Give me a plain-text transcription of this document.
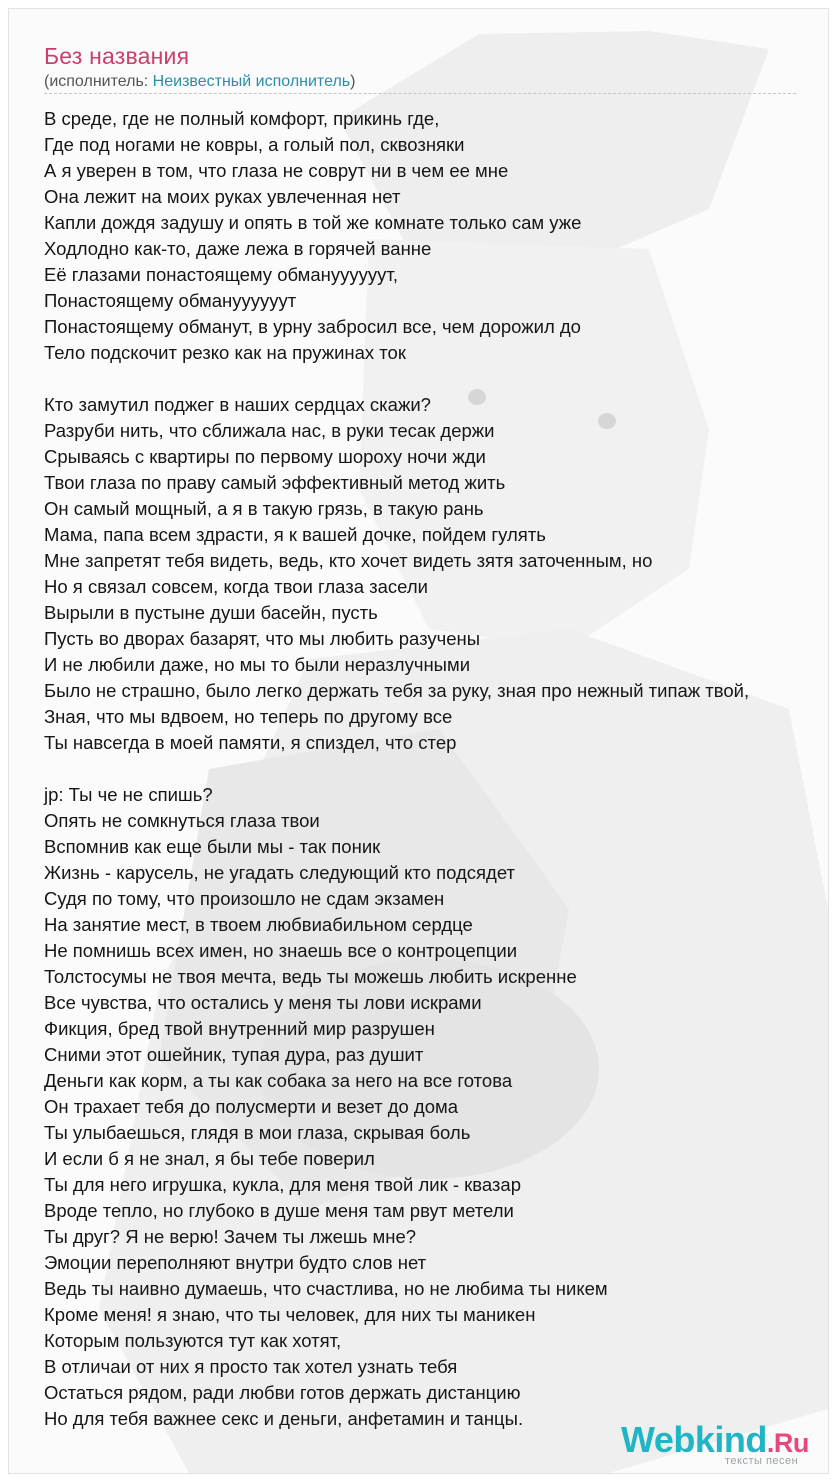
Без названия
(исполнитель: Неизвестный исполнитель)
В среде, где не полный комфорт, прикинь где,
Где под ногами не ковры, а голый пол, сквозняки
А я уверен в том, что глаза не соврут ни в чем ее мне
Она лежит на моих руках увлеченная нет
Капли дождя задушу и опять в той же комнате только сам уже
Ходлодно как-то, даже лежа в горячей ванне
Её глазами понастоящему обмануууууут,
Понастоящему обмануууууут
Понастоящему обманут, в урну забросил все, чем дорожил до
Тело подскочит резко как на пружинах ток
Кто замутил поджег в наших сердцах скажи?
Разруби нить, что сближала нас, в руки тесак держи
Срываясь с квартиры по первому шороху ночи жди
Твои глаза по праву самый эффективный метод жить
Он самый мощный, а я в такую грязь, в такую рань
Мама, папа всем здрасти, я к вашей дочке, пойдем гулять
Мне запретят тебя видеть, ведь, кто хочет видеть зятя заточенным, но
Но я связал совсем, когда твои глаза засели
Вырыли в пустыне души басейн, пусть
Пусть во дворах базарят, что мы любить разучены
И не любили даже, но мы то были неразлучными
Было не страшно, было легко держать тебя за руку, зная про нежный типаж твой,
Зная, что мы вдвоем, но теперь по другому все
Ты навсегда в моей памяти, я спиздел, что стер
jp: Ты че не спишь?
Опять не сомкнуться глаза твои
Вспомнив как еще были мы - так поник
Жизнь - карусель, не угадать следующий кто подсядет
Судя по тому, что произошло не сдам экзамен
На занятие мест, в твоем любвиабильном сердце
Не помнишь всех имен, но знаешь все о контроцепции
Толстосумы не твоя мечта, ведь ты можешь любить искренне
Все чувства, что остались у меня ты лови искрами
Фикция, бред твой внутренний мир разрушен
Сними этот ошейник, тупая дура, раз душит
Деньги как корм, а ты как собака за него на все готова
Он трахает тебя до полусмерти и везет до дома
Ты улыбаешься, глядя в мои глаза, скрывая боль
И если б я не знал, я бы тебе поверил
Ты для него игрушка, кукла, для меня твой лик - квазар
Вроде тепло, но глубоко в душе меня там рвут метели
Ты друг? Я не верю! Зачем ты лжешь мне?
Эмоции переполняют внутри будто слов нет
Ведь ты наивно думаешь, что счастлива, но не любима ты никем
Кроме меня! я знаю, что ты человек, для них ты маникен
Которым пользуются тут как хотят,
В отличаи от них я просто так хотел узнать тебя
Остаться рядом, ради любви готов держать дистанцию
Но для тебя важнее секс и деньги, анфетамин и танцы.
Webkind.Ru
тексты песен
